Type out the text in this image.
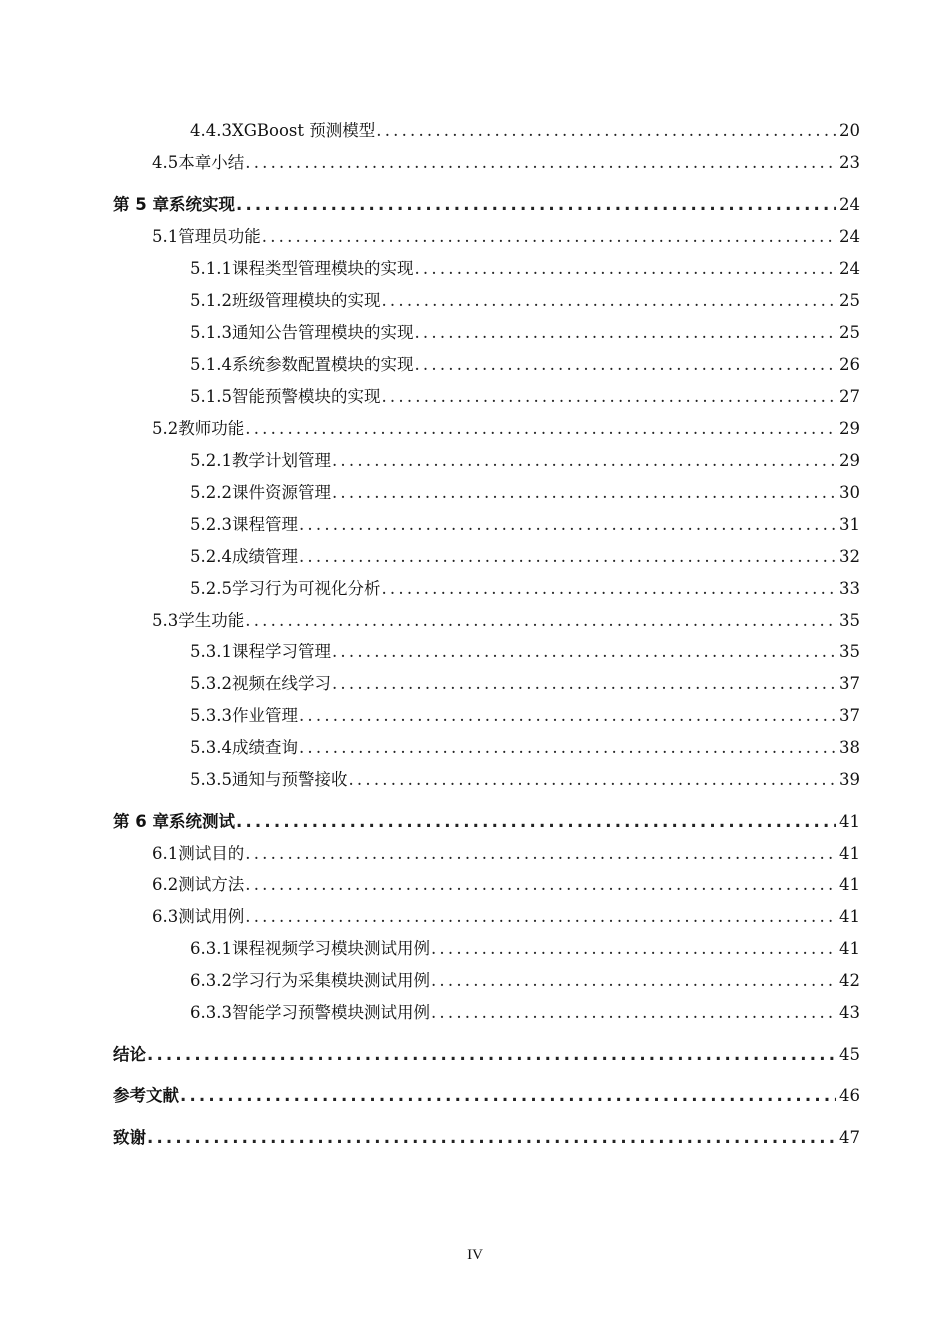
4.4.3 XGBoost 预测模型 .....	20
4.5 本章小结 .....	23
第 5 章 系统实现 .....	24
5.1 管理员功能 .....	24
5.1.1 课程类型管理模块的实现 .....	24
5.1.2 班级管理模块的实现 .....	25
5.1.3 通知公告管理模块的实现 .....	25
5.1.4 系统参数配置模块的实现 .....	26
5.1.5 智能预警模块的实现 .....	27
5.2 教师功能 .....	29
5.2.1 教学计划管理 .....	29
5.2.2 课件资源管理 .....	30
5.2.3 课程管理 .....	31
5.2.4 成绩管理 .....	32
5.2.5 学习行为可视化分析 .....	33
5.3 学生功能 .....	35
5.3.1 课程学习管理 .....	35
5.3.2 视频在线学习 .....	37
5.3.3 作业管理 .....	37
5.3.4 成绩查询 .....	38
5.3.5 通知与预警接收 .....	39
第 6 章 系统测试 .....	41
6.1 测试目的 .....	41
6.2 测试方法 .....	41
6.3 测试用例 .....	41
6.3.1 课程视频学习模块测试用例 .....	41
6.3.2 学习行为采集模块测试用例 .....	42
6.3.3 智能学习预警模块测试用例 .....	43
结论 .....	45
参考文献 .....	46
致谢 .....	47
IV
